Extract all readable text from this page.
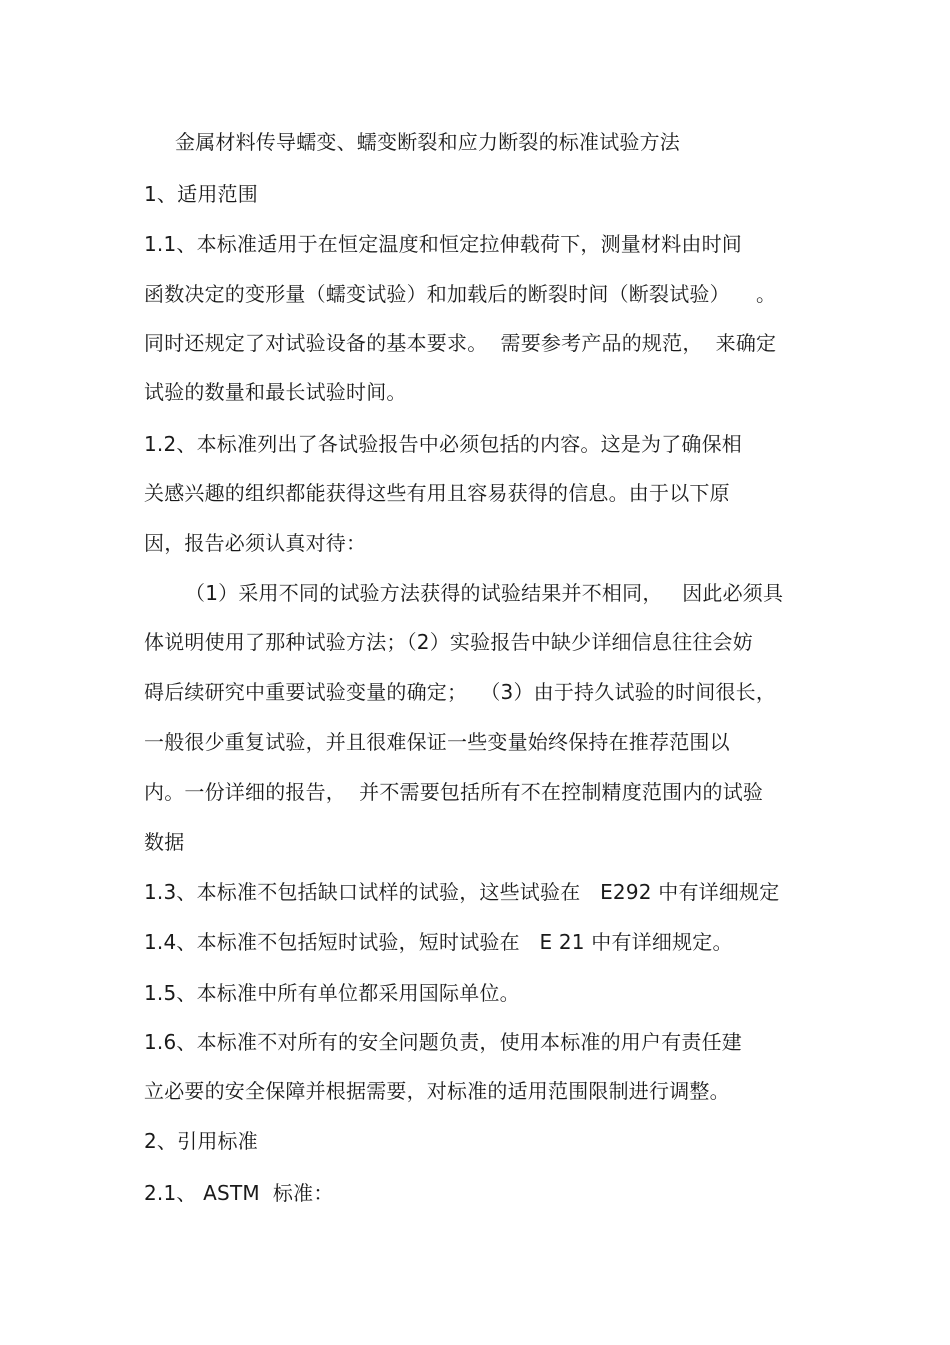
金属材料传导蠕变、蠕变断裂和应力断裂的标准试验方法
1、适用范围
1.1、本标准适用于在恒定温度和恒定拉伸载荷下，测量材料由时间
函数决定的变形量（蠕变试验）和加载后的断裂时间（断裂试验）    。
同时还规定了对试验设备的基本要求。  需要参考产品的规范，  来确定
试验的数量和最长试验时间。
1.2、本标准列出了各试验报告中必须包括的内容。这是为了确保相
关感兴趣的组织都能获得这些有用且容易获得的信息。由于以下原
因，报告必须认真对待：
（1）采用不同的试验方法获得的试验结果并不相同，   因此必须具
体说明使用了那种试验方法；（2）实验报告中缺少详细信息往往会妨
碍后续研究中重要试验变量的确定；  （3）由于持久试验的时间很长，
一般很少重复试验，并且很难保证一些变量始终保持在推荐范围以
内。一份详细的报告，  并不需要包括所有不在控制精度范围内的试验
数据
1.3、本标准不包括缺口试样的试验，这些试验在   E292 中有详细规定
1.4、本标准不包括短时试验，短时试验在   E 21 中有详细规定。
1.5、本标准中所有单位都采用国际单位。
1.6、本标准不对所有的安全问题负责，使用本标准的用户有责任建
立必要的安全保障并根据需要，对标准的适用范围限制进行调整。
2、引用标准
2.1、 ASTM  标准：
